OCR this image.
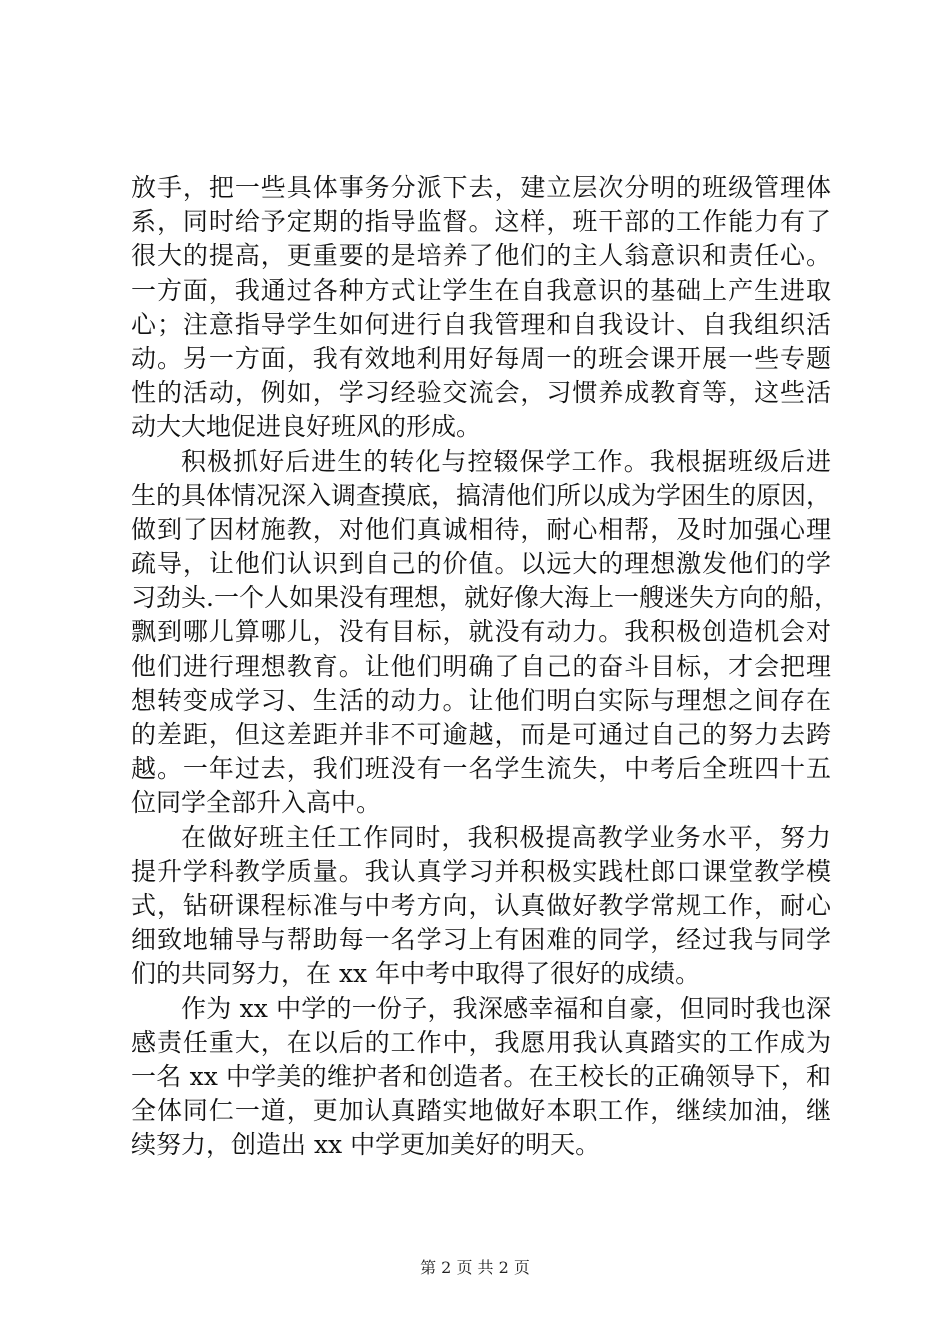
放手，把一些具体事务分派下去，建立层次分明的班级管理体
系，同时给予定期的指导监督。这样，班干部的工作能力有了
很大的提高，更重要的是培养了他们的主人翁意识和责任心。
一方面，我通过各种方式让学生在自我意识的基础上产生进取
心；注意指导学生如何进行自我管理和自我设计、自我组织活
动。另一方面，我有效地利用好每周一的班会课开展一些专题
性的活动，例如，学习经验交流会，习惯养成教育等，这些活
动大大地促进良好班风的形成。
积极抓好后进生的转化与控辍保学工作。我根据班级后进
生的具体情况深入调查摸底，搞清他们所以成为学困生的原因，
做到了因材施教，对他们真诚相待，耐心相帮，及时加强心理
疏导，让他们认识到自己的价值。以远大的理想激发他们的学
习劲头.一个人如果没有理想，就好像大海上一艘迷失方向的船，
飘到哪儿算哪儿，没有目标，就没有动力。我积极创造机会对
他们进行理想教育。让他们明确了自己的奋斗目标，才会把理
想转变成学习、生活的动力。让他们明白实际与理想之间存在
的差距，但这差距并非不可逾越，而是可通过自己的努力去跨
越。一年过去，我们班没有一名学生流失，中考后全班四十五
位同学全部升入高中。
在做好班主任工作同时，我积极提高教学业务水平，努力
提升学科教学质量。我认真学习并积极实践杜郎口课堂教学模
式，钻研课程标准与中考方向，认真做好教学常规工作，耐心
细致地辅导与帮助每一名学习上有困难的同学，经过我与同学
们的共同努力，在 xx 年中考中取得了很好的成绩。
作为 xx 中学的一份子，我深感幸福和自豪，但同时我也深
感责任重大，在以后的工作中，我愿用我认真踏实的工作成为
一名 xx 中学美的维护者和创造者。在王校长的正确领导下，和
全体同仁一道，更加认真踏实地做好本职工作，继续加油，继
续努力，创造出 xx 中学更加美好的明天。
第 2 页 共 2 页
